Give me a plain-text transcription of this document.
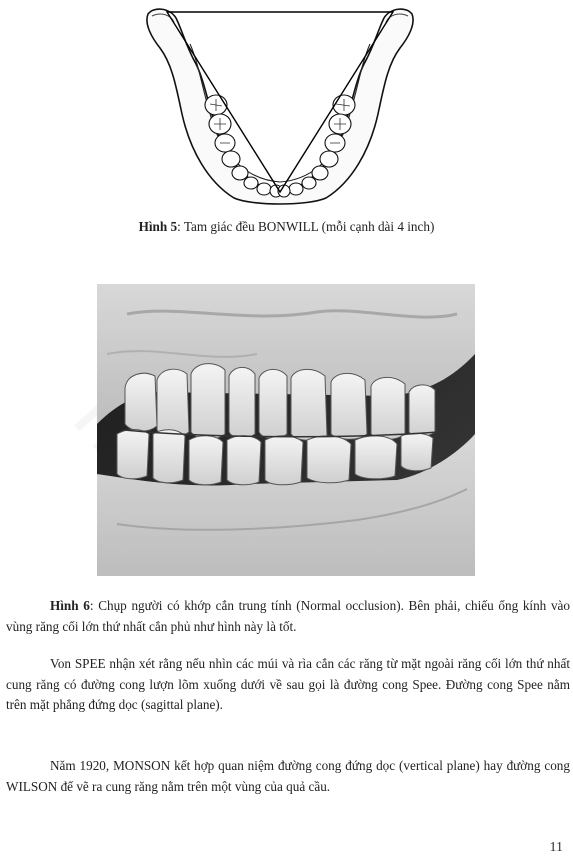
Hình 5: Tam giác đều BONWILL (mỗi cạnh dài 4 inch)
Hình 6: Chụp người có khớp cắn trung tính (Normal occlusion). Bên phải, chiếu ống kính vào vùng răng cối lớn thứ nhất cắn phủ như hình này là tốt.

Von SPEE nhận xét rằng nếu nhìn các múi và rìa cắn các răng từ mặt ngoài răng cối lớn thứ nhất cung răng có đường cong lượn lõm xuống dưới về sau gọi là đường cong Spee. Đường cong Spee nằm trên mặt phẳng đứng dọc (sagittal plane).

Năm 1920, MONSON kết hợp quan niệm đường cong đứng dọc (vertical plane) hay đường cong WILSON để vẽ ra cung răng nằm trên một vùng của quả cầu.

11
